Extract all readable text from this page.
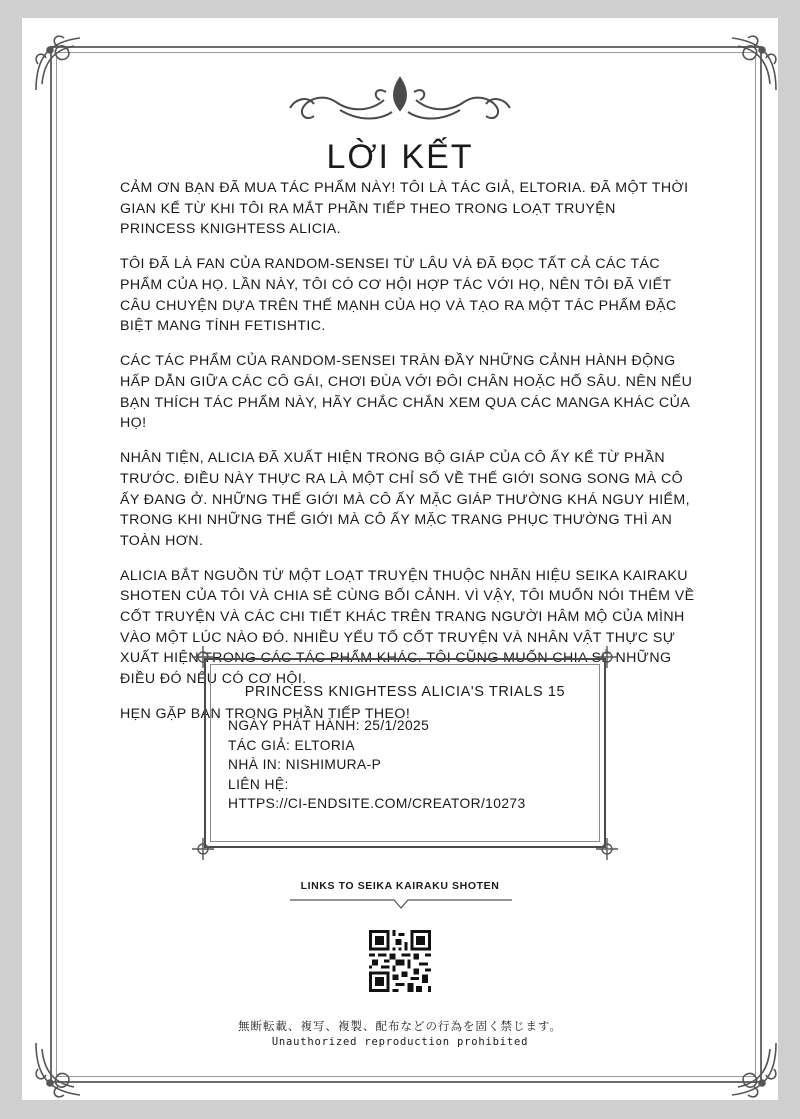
LỜI KẾT

CẢM ƠN BẠN ĐÃ MUA TÁC PHẨM NÀY! TÔI LÀ TÁC GIẢ, ELTORIA. ĐÃ MỘT THỜI GIAN KỂ TỪ KHI TÔI RA MẮT PHẦN TIẾP THEO TRONG LOẠT TRUYỆN PRINCESS KNIGHTESS ALICIA.

TÔI ĐÃ LÀ FAN CỦA RANDOM-SENSEI TỪ LÂU VÀ ĐÃ ĐỌC TẤT CẢ CÁC TÁC PHẨM CỦA HỌ. LẦN NÀY, TÔI CÓ CƠ HỘI HỢP TÁC VỚI HỌ, NÊN TÔI ĐÃ VIẾT CÂU CHUYỆN DỰA TRÊN THẾ MẠNH CỦA HỌ VÀ TẠO RA MỘT TÁC PHẨM ĐẶC BIỆT MANG TÍNH FETISHTIC.

CÁC TÁC PHẨM CỦA RANDOM-SENSEI TRÀN ĐẦY NHỮNG CẢNH HÀNH ĐỘNG HẤP DẪN GIỮA CÁC CÔ GÁI, CHƠI ĐÙA VỚI ĐÔI CHÂN HOẶC HỐ SÂU. NÊN NẾU BẠN THÍCH TÁC PHẨM NÀY, HÃY CHẮC CHẮN XEM QUA CÁC MANGA KHÁC CỦA HỌ!

NHÂN TIỆN, ALICIA ĐÃ XUẤT HIỆN TRONG BỘ GIÁP CỦA CÔ ẤY KỂ TỪ PHẦN TRƯỚC. ĐIỀU NÀY THỰC RA LÀ MỘT CHỈ SỐ VỀ THẾ GIỚI SONG SONG MÀ CÔ ẤY ĐANG Ở. NHỮNG THẾ GIỚI MÀ CÔ ẤY MẶC GIÁP THƯỜNG KHÁ NGUY HIỂM, TRONG KHI NHỮNG THẾ GIỚI MÀ CÔ ẤY MẶC TRANG PHỤC THƯỜNG THÌ AN TOÀN HƠN.

ALICIA BẮT NGUỒN TỪ MỘT LOẠT TRUYỆN THUỘC NHÃN HIỆU SEIKA KAIRAKU SHOTEN CỦA TÔI VÀ CHIA SẺ CÙNG BỐI CẢNH. VÌ VẬY, TÔI MUỐN NÓI THÊM VỀ CỐT TRUYỆN VÀ CÁC CHI TIẾT KHÁC TRÊN TRANG NGƯỜI HÂM MỘ CỦA MÌNH VÀO MỘT LÚC NÀO ĐÓ. NHIỀU YẾU TỐ CỐT TRUYỆN VÀ NHÂN VẬT THỰC SỰ XUẤT HIỆN TRONG CÁC TÁC PHẨM KHÁC. TÔI CŨNG MUỐN CHIA SẺ NHỮNG ĐIỀU ĐÓ NẾU CÓ CƠ HỘI.

HẸN GẶP BẠN TRONG PHẦN TIẾP THEO!

PRINCESS KNIGHTESS ALICIA'S TRIALS 15
NGÀY PHÁT HÀNH: 25/1/2025
TÁC GIẢ: ELTORIA
NHÀ IN: NISHIMURA-P
LIÊN HỆ:
HTTPS://CI-ENDSITE.COM/CREATOR/10273
LINKS TO SEIKA KAIRAKU SHOTEN
無断転載、複写、複製、配布などの行為を固く禁じます。
Unauthorized reproduction prohibited
